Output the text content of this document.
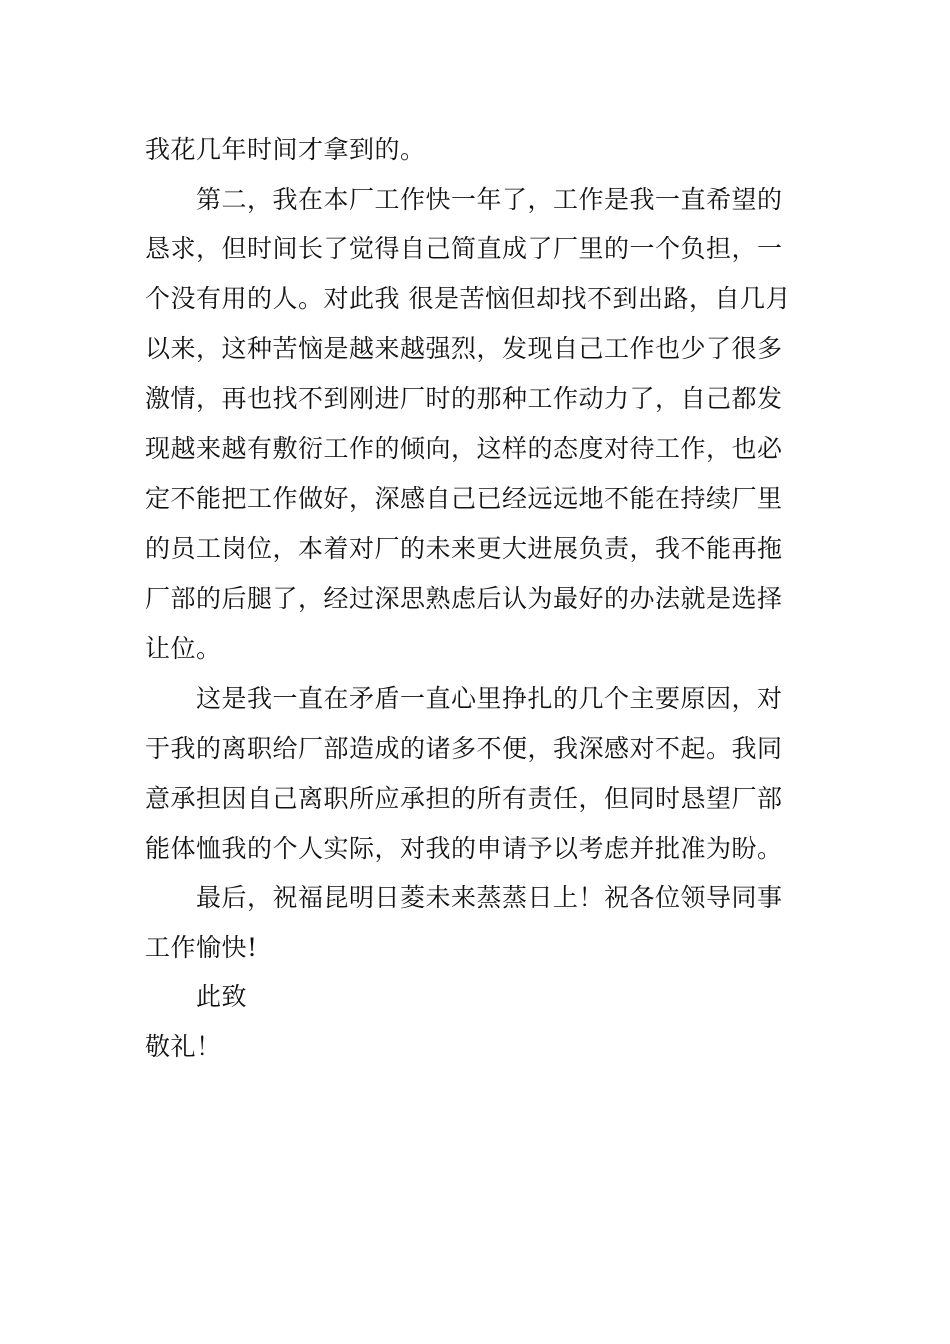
我花几年时间才拿到的。
第二，我在本厂工作快一年了，工作是我一直希望的
恳求，但时间长了觉得自己简直成了厂里的一个负担，一
个没有用的人。对此我 很是苦恼但却找不到出路，自几月
以来，这种苦恼是越来越强烈，发现自己工作也少了很多
激情，再也找不到刚进厂时的那种工作动力了，自己都发
现越来越有敷衍工作的倾向，这样的态度对待工作，也必
定不能把工作做好，深感自己已经远远地不能在持续厂里
的员工岗位，本着对厂的未来更大进展负责，我不能再拖
厂部的后腿了，经过深思熟虑后认为最好的办法就是选择
让位。
这是我一直在矛盾一直心里挣扎的几个主要原因，对
于我的离职给厂部造成的诸多不便，我深感对不起。我同
意承担因自己离职所应承担的所有责任，但同时恳望厂部
能体恤我的个人实际，对我的申请予以考虑并批准为盼。
最后，祝福昆明日菱未来蒸蒸日上！祝各位领导同事
工作愉快!
此致
敬礼！
